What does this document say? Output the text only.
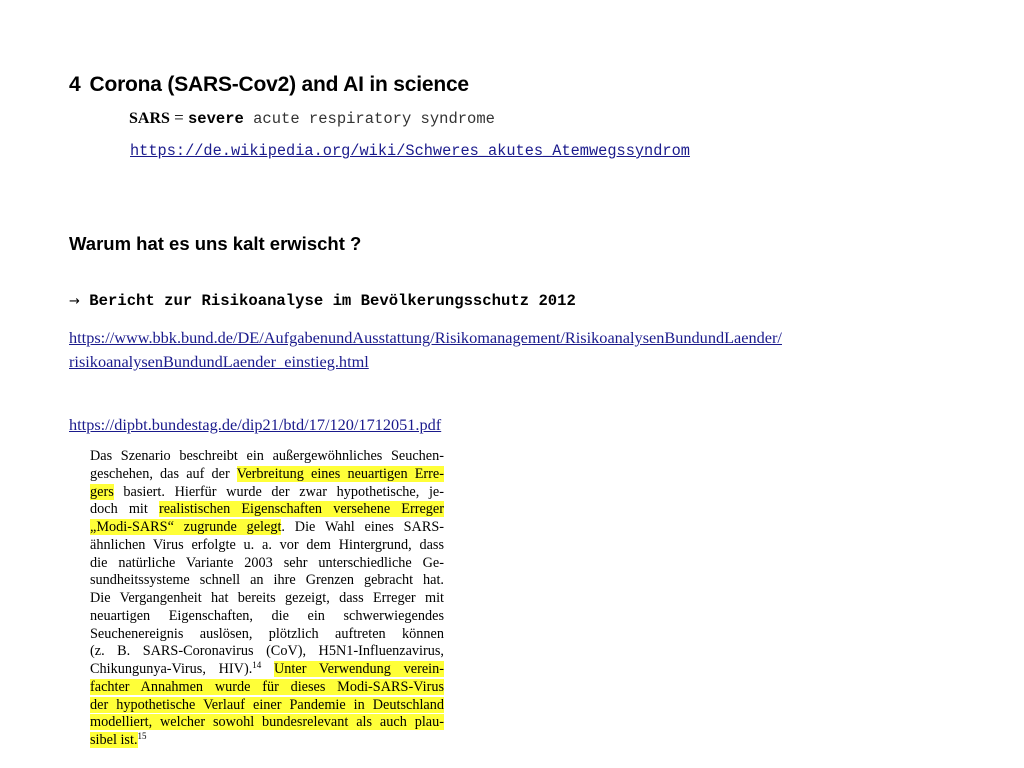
4 Corona (SARS-Cov2) and AI in science
SARS = severe acute respiratory syndrome
https://de.wikipedia.org/wiki/Schweres_akutes_Atemwegssyndrom
Warum hat es uns kalt erwischt ?
→ Bericht zur Risikoanalyse im Bevölkerungsschutz 2012
https://www.bbk.bund.de/DE/AufgabenundAusstattung/Risikomanagement/RisikoanalysenBundundLaender/
risikoanalysenBundundLaender_einstieg.html
https://dipbt.bundestag.de/dip21/btd/17/120/1712051.pdf
Das Szenario beschreibt ein außergewöhnliches Seuchen-
geschehen, das auf der Verbreitung eines neuartigen Erre-
gers basiert. Hierfür wurde der zwar hypothetische, je-
doch mit realistischen Eigenschaften versehene Erreger
„Modi-SARS“ zugrunde gelegt. Die Wahl eines SARS-
ähnlichen Virus erfolgte u. a. vor dem Hintergrund, dass
die natürliche Variante 2003 sehr unterschiedliche Ge-
sundheitssysteme schnell an ihre Grenzen gebracht hat.
Die Vergangenheit hat bereits gezeigt, dass Erreger mit
neuartigen Eigenschaften, die ein schwerwiegendes
Seuchenereignis auslösen, plötzlich auftreten können
(z. B. SARS-Coronavirus (CoV), H5N1-Influenzavirus,
Chikungunya-Virus, HIV).$^{14}$ Unter Verwendung verein-
fachter Annahmen wurde für dieses Modi-SARS-Virus
der hypothetische Verlauf einer Pandemie in Deutschland
modelliert, welcher sowohl bundesrelevant als auch plau-
sibel ist.$^{15}$
